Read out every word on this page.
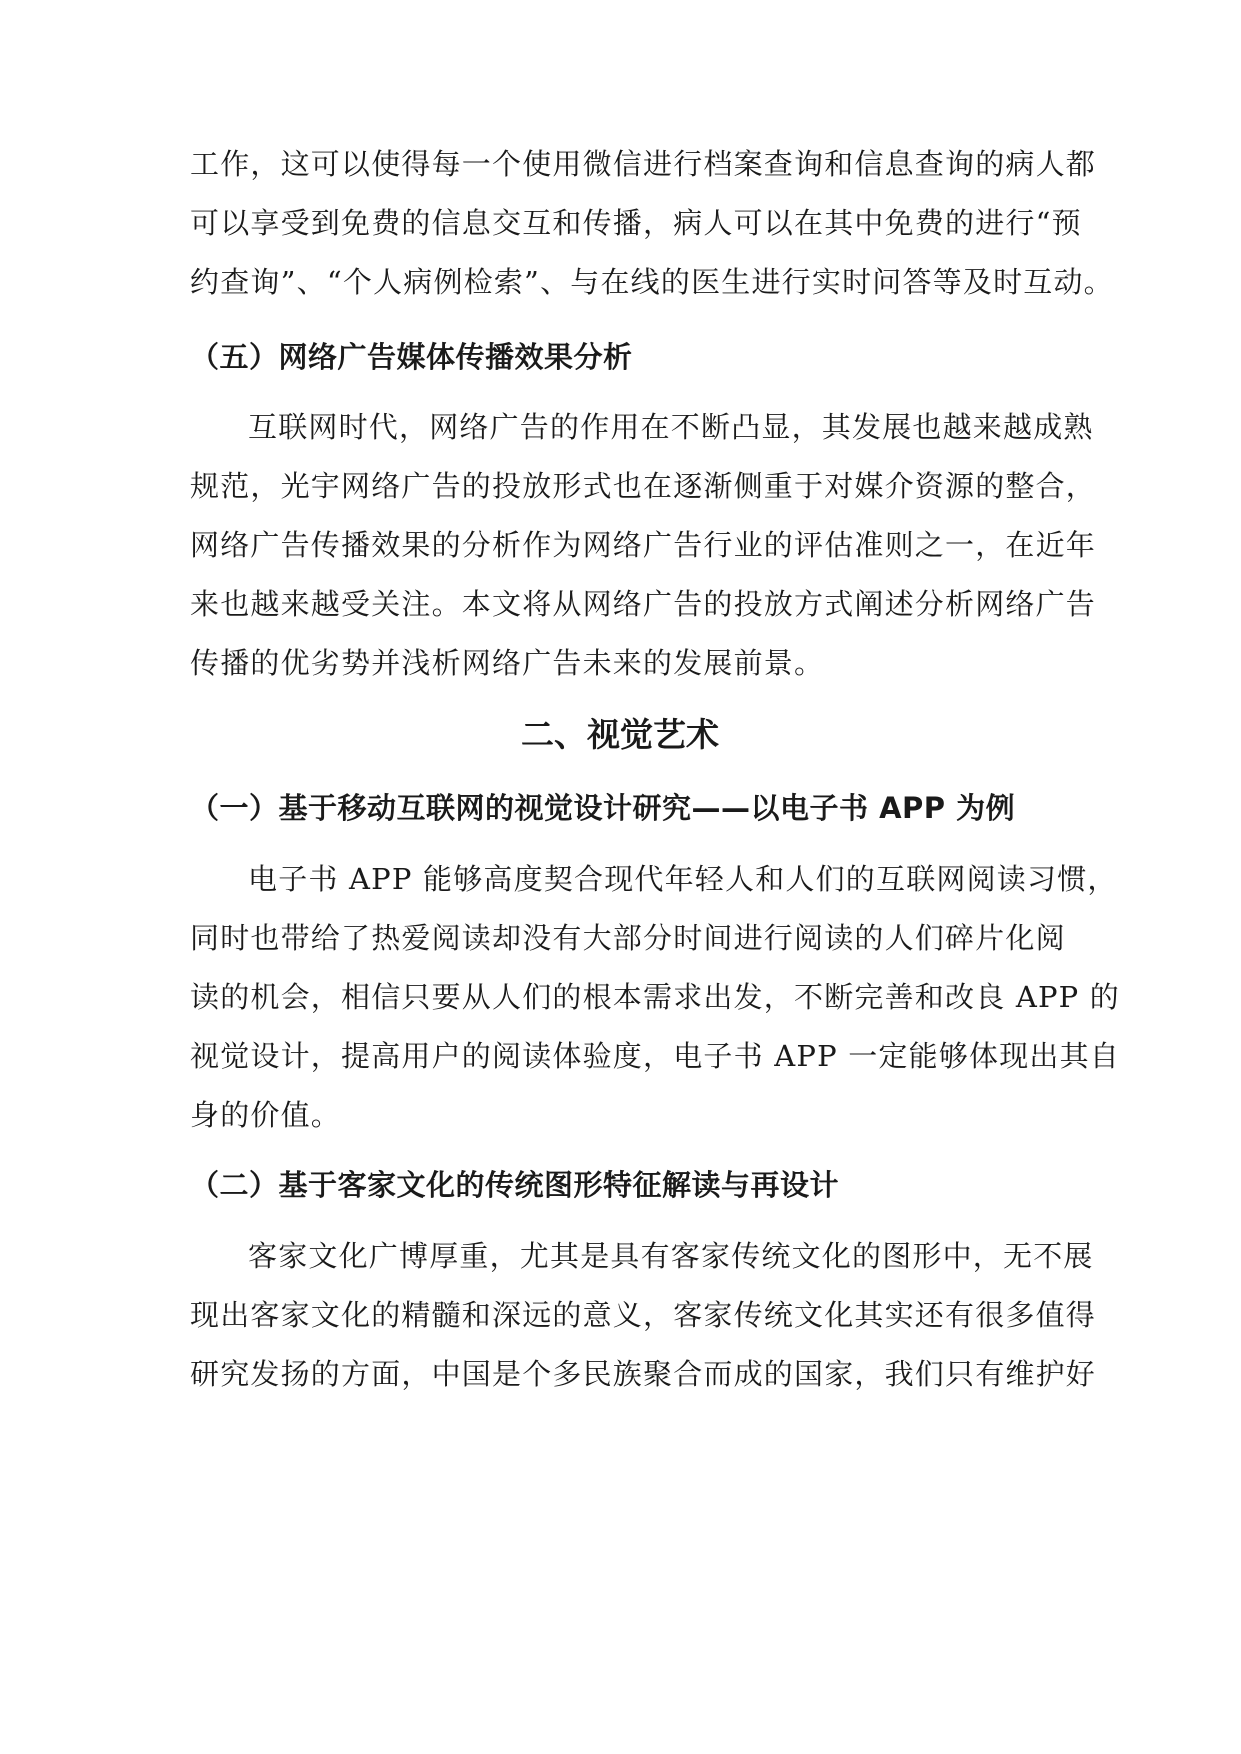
工作，这可以使得每一个使用微信进行档案查询和信息查询的病人都
可以享受到免费的信息交互和传播，病人可以在其中免费的进行“预
约查询”、“个人病例检索”、与在线的医生进行实时问答等及时互动。
（五）网络广告媒体传播效果分析
互联网时代，网络广告的作用在不断凸显，其发展也越来越成熟
规范，光宇网络广告的投放形式也在逐渐侧重于对媒介资源的整合，
网络广告传播效果的分析作为网络广告行业的评估准则之一，在近年
来也越来越受关注。本文将从网络广告的投放方式阐述分析网络广告
传播的优劣势并浅析网络广告未来的发展前景。
二、视觉艺术
（一）基于移动互联网的视觉设计研究——以电子书 APP 为例
电子书 APP 能够高度契合现代年轻人和人们的互联网阅读习惯，
同时也带给了热爱阅读却没有大部分时间进行阅读的人们碎片化阅
读的机会，相信只要从人们的根本需求出发，不断完善和改良 APP 的
视觉设计，提高用户的阅读体验度，电子书 APP 一定能够体现出其自
身的价值。
（二）基于客家文化的传统图形特征解读与再设计
客家文化广博厚重，尤其是具有客家传统文化的图形中，无不展
现出客家文化的精髓和深远的意义，客家传统文化其实还有很多值得
研究发扬的方面，中国是个多民族聚合而成的国家，我们只有维护好
